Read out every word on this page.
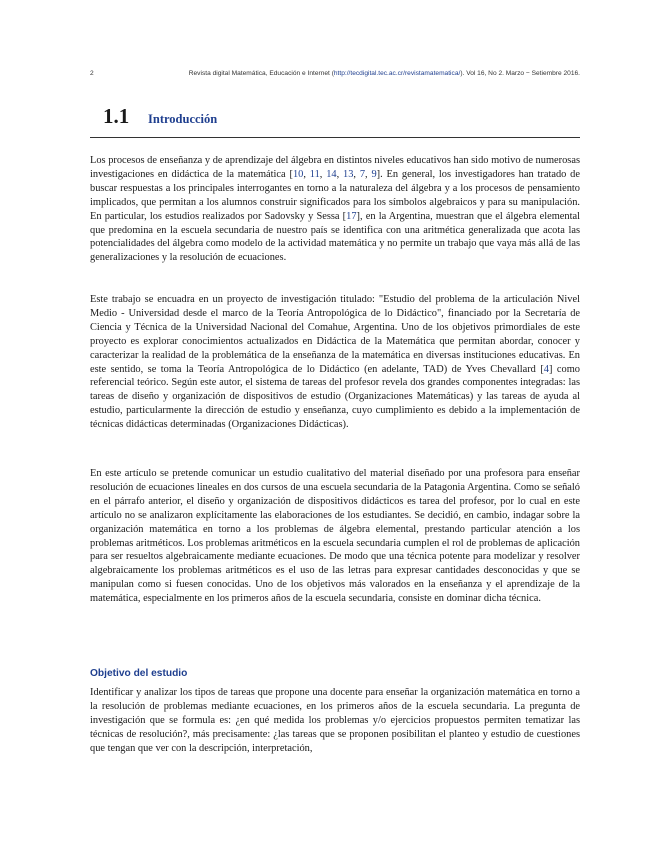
2	Revista digital Matemática, Educación e Internet (http://tecdigital.tec.ac.cr/revistamatematica/). Vol 16, No 2. Marzo − Setiembre 2016.
1.1 Introducción

Los procesos de enseñanza y de aprendizaje del álgebra en distintos niveles educativos han sido motivo de numerosas investigaciones en didáctica de la matemática [10, 11, 14, 13, 7, 9]. En general, los investigadores han tratado de buscar respuestas a los principales interrogantes en torno a la naturaleza del álgebra y a los procesos de pensamiento implicados, que permitan a los alumnos construir significados para los símbolos algebraicos y para su manipulación. En particular, los estudios realizados por Sadovsky y Sessa [17], en la Argentina, muestran que el álgebra elemental que predomina en la escuela secundaria de nuestro país se identifica con una aritmética generalizada que acota las potencialidades del álgebra como modelo de la actividad matemática y no permite un trabajo que vaya más allá de las generalizaciones y la resolución de ecuaciones.

Este trabajo se encuadra en un proyecto de investigación titulado: "Estudio del problema de la articulación Nivel Medio - Universidad desde el marco de la Teoría Antropológica de lo Didáctico", financiado por la Secretaría de Ciencia y Técnica de la Universidad Nacional del Comahue, Argentina. Uno de los objetivos primordiales de este proyecto es explorar conocimientos actualizados en Didáctica de la Matemática que permitan abordar, conocer y caracterizar la realidad de la problemática de la enseñanza de la matemática en diversas instituciones educativas. En este sentido, se toma la Teoría Antropológica de lo Didáctico (en adelante, TAD) de Yves Chevallard [4] como referencial teórico. Según este autor, el sistema de tareas del profesor revela dos grandes componentes integradas: las tareas de diseño y organización de dispositivos de estudio (Organizaciones Matemáticas) y las tareas de ayuda al estudio, particularmente la dirección de estudio y enseñanza, cuyo cumplimiento es debido a la implementación de técnicas didácticas determinadas (Organizaciones Didácticas).

En este artículo se pretende comunicar un estudio cualitativo del material diseñado por una profesora para enseñar resolución de ecuaciones lineales en dos cursos de una escuela secundaria de la Patagonia Argentina. Como se señaló en el párrafo anterior, el diseño y organización de dispositivos didácticos es tarea del profesor, por lo cual en este artículo no se analizaron explícitamente las elaboraciones de los estudiantes. Se decidió, en cambio, indagar sobre la organización matemática en torno a los problemas de álgebra elemental, prestando particular atención a los problemas aritméticos. Los problemas aritméticos en la escuela secundaria cumplen el rol de problemas de aplicación para ser resueltos algebraicamente mediante ecuaciones. De modo que una técnica potente para modelizar y resolver algebraicamente los problemas aritméticos es el uso de las letras para expresar cantidades desconocidas y que se manipulan como si fuesen conocidas. Uno de los objetivos más valorados en la enseñanza y el aprendizaje de la matemática, especialmente en los primeros años de la escuela secundaria, consiste en dominar dicha técnica.

Objetivo del estudio

Identificar y analizar los tipos de tareas que propone una docente para enseñar la organización matemática en torno a la resolución de problemas mediante ecuaciones, en los primeros años de la escuela secundaria. La pregunta de investigación que se formula es: ¿en qué medida los problemas y/o ejercicios propuestos permiten tematizar las técnicas de resolución?, más precisamente: ¿las tareas que se proponen posibilitan el planteo y estudio de cuestiones que tengan que ver con la descripción, interpretación,
